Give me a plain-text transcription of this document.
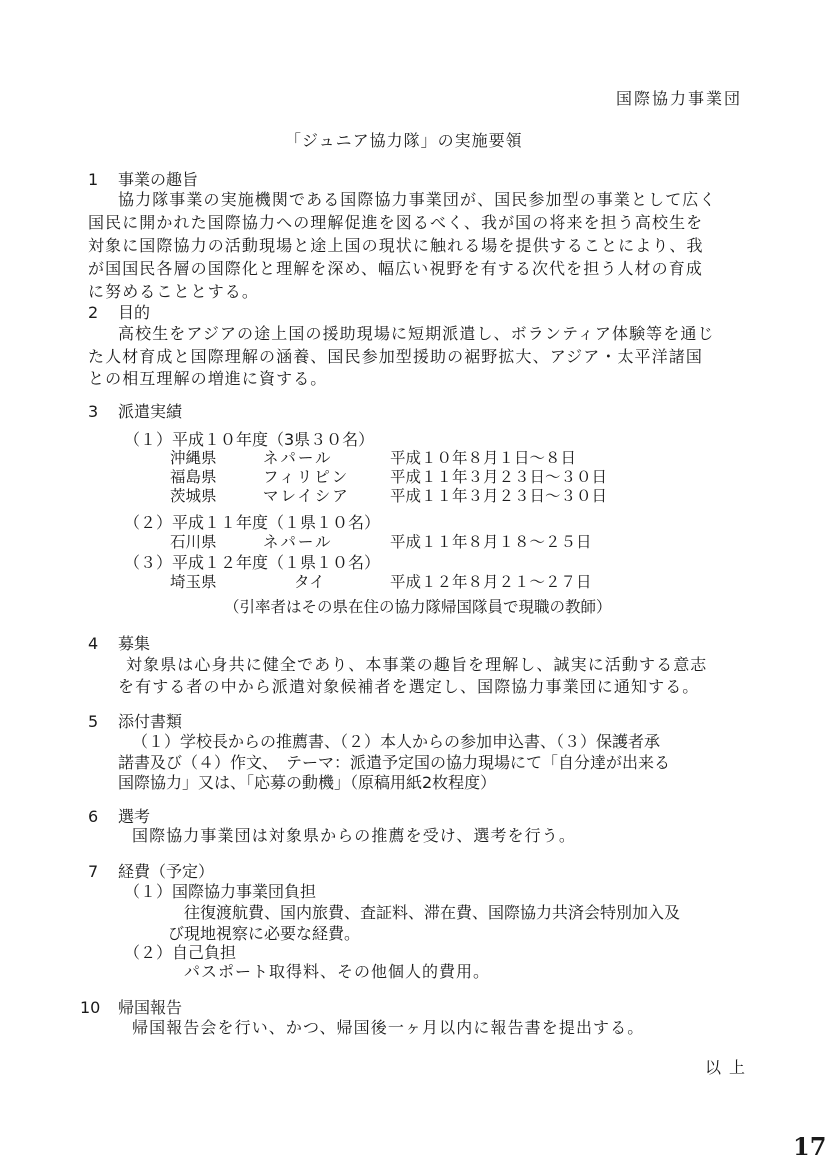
国際協力事業団
「ジュニア協力隊」の実施要領
1 事業の趣旨
協力隊事業の実施機関である国際協力事業団が、国民参加型の事業として広く
国民に開かれた国際協力への理解促進を図るべく、我が国の将来を担う高校生を
対象に国際協力の活動現場と途上国の現状に触れる場を提供することにより、我
が国国民各層の国際化と理解を深め、幅広い視野を有する次代を担う人材の育成
に努めることとする。
2 目的
高校生をアジアの途上国の援助現場に短期派遣し、ボランティア体験等を通じ
た人材育成と国際理解の涵養、国民参加型援助の裾野拡大、アジア・太平洋諸国
との相互理解の増進に資する。
3 派遣実績
（１）平成１０年度（3県３０名）
沖縄県	ネパール	平成１０年８月１日～８日
福島県	フィリピン	平成１１年３月２３日～３０日
茨城県	マレイシア	平成１１年３月２３日～３０日
（２）平成１１年度（１県１０名）
石川県	ネパール	平成１１年８月１８～２５日
（３）平成１２年度（１県１０名）
埼玉県	タイ	平成１２年８月２１～２７日
（引率者はその県在住の協力隊帰国隊員で現職の教師）
4 募集
対象県は心身共に健全であり、本事業の趣旨を理解し、誠実に活動する意志
を有する者の中から派遣対象候補者を選定し、国際協力事業団に通知する。
5 添付書類
（１）学校長からの推薦書、（２）本人からの参加申込書、（３）保護者承
諾書及び（４）作文、　テーマ：派遣予定国の協力現場にて「自分達が出来る
国際協力」又は、「応募の動機」（原稿用紙2枚程度）
6 選考
国際協力事業団は対象県からの推薦を受け、選考を行う。
7 経費（予定）
（１）国際協力事業団負担
往復渡航費、国内旅費、査証料、滞在費、国際協力共済会特別加入及
び現地視察に必要な経費。
（２）自己負担
パスポート取得料、その他個人的費用。
10 帰国報告
帰国報告会を行い、かつ、帰国後一ヶ月以内に報告書を提出する。
以上
17
